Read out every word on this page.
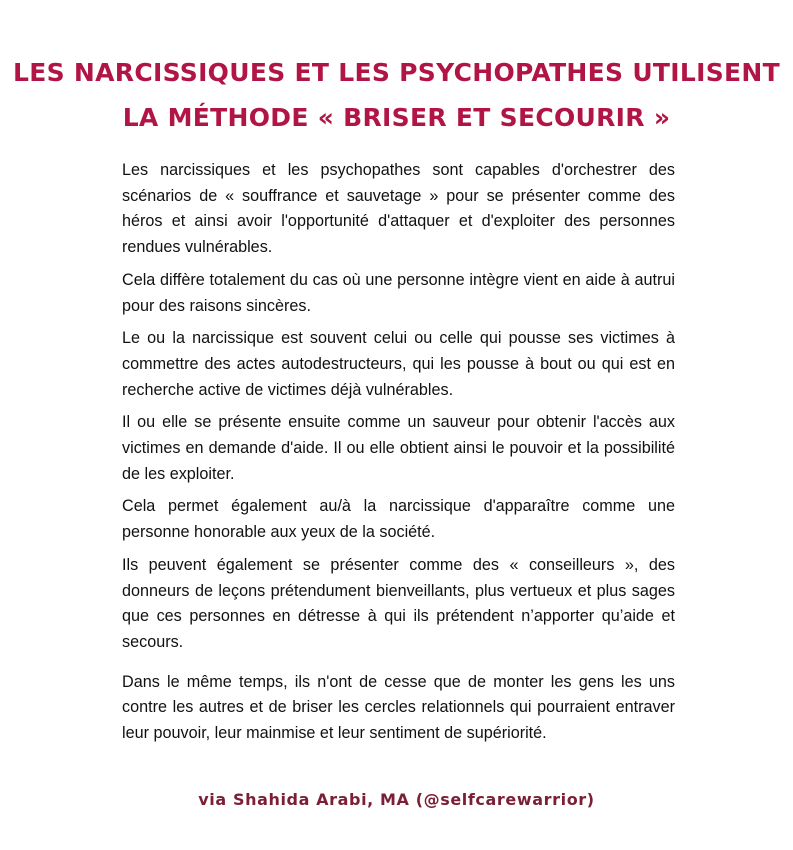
LES NARCISSIQUES ET LES PSYCHOPATHES UTILISENT
LA MÉTHODE « BRISER ET SECOURIR »

Les narcissiques et les psychopathes sont capables d'orchestrer des scénarios de « souffrance et sauvetage » pour se présenter comme des héros et ainsi avoir l'opportunité d'attaquer et d'exploiter des personnes rendues vulnérables.

Cela diffère totalement du cas où une personne intègre vient en aide à autrui pour des raisons sincères.

Le ou la narcissique est souvent celui ou celle qui pousse ses victimes à commettre des actes autodestructeurs, qui les pousse à bout ou qui est en recherche active de victimes déjà vulnérables.

Il ou elle se présente ensuite comme un sauveur pour obtenir l'accès aux victimes en demande d'aide. Il ou elle obtient ainsi le pouvoir et la possibilité de les exploiter.

Cela permet également au/à la narcissique d'apparaître comme une personne honorable aux yeux de la société.

Ils peuvent également se présenter comme des « conseilleurs », des donneurs de leçons prétendument bienveillants, plus vertueux et plus sages que ces personnes en détresse à qui ils prétendent n’apporter qu’aide et secours.

Dans le même temps, ils n'ont de cesse que de monter les gens les uns contre les autres et de briser les cercles relationnels qui pourraient entraver leur pouvoir, leur mainmise et leur sentiment de supériorité.

via Shahida Arabi, MA (@selfcarewarrior)
